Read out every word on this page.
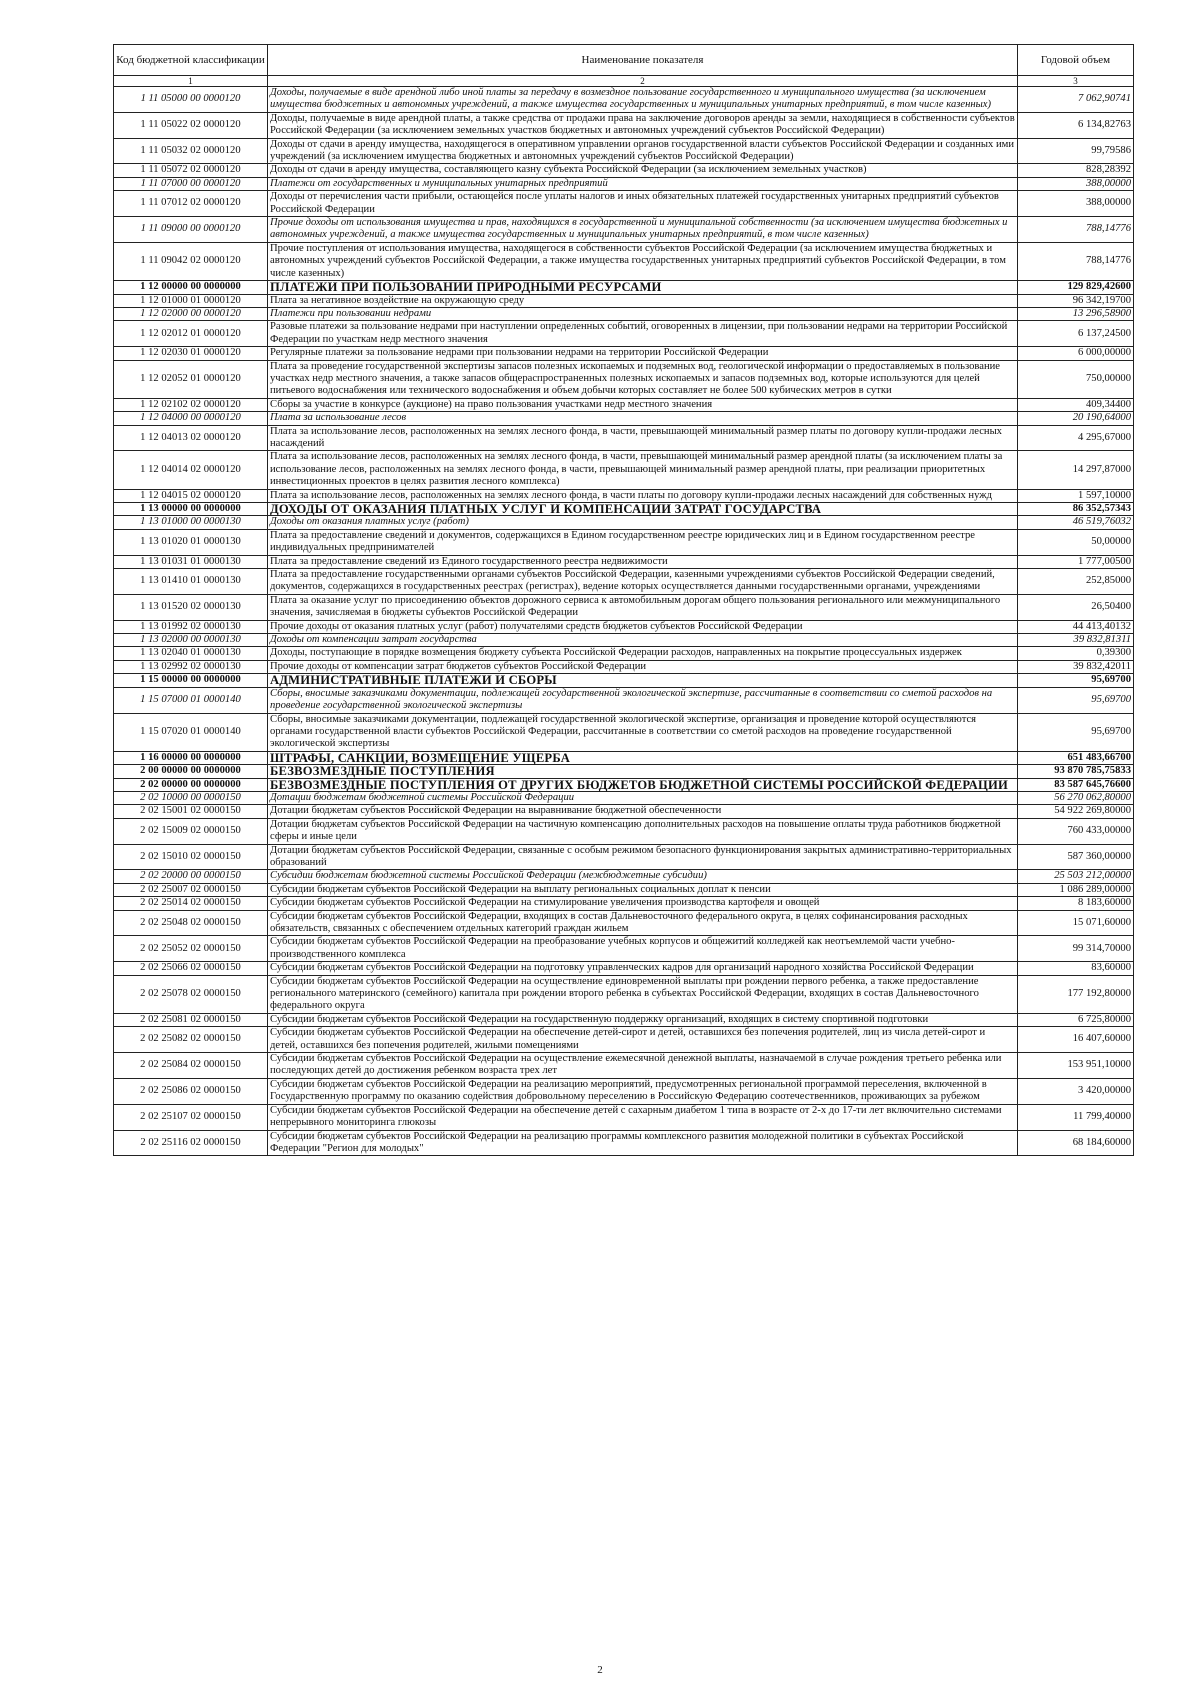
Код бюджетной классификации	Наименование показателя	Годовой объем
1	2	3
1 11 05000 00 0000120	Доходы, получаемые в виде арендной либо иной платы за передачу в возмездное пользование государственного и муниципального имущества (за исключением имущества бюджетных и автономных учреждений, а также имущества государственных и муниципальных унитарных предприятий, в том числе казенных)	7 062,90741
1 11 05022 02 0000120	Доходы, получаемые в виде арендной платы, а также средства от продажи права на заключение договоров аренды за земли, находящиеся в собственности субъектов Российской Федерации (за исключением земельных участков бюджетных и автономных учреждений субъектов Российской Федерации)	6 134,82763
1 11 05032 02 0000120	Доходы от сдачи в аренду имущества, находящегося в оперативном управлении органов государственной власти субъектов Российской Федерации и созданных ими учреждений (за исключением имущества бюджетных и автономных учреждений субъектов Российской Федерации)	99,79586
1 11 05072 02 0000120	Доходы от сдачи в аренду имущества, составляющего казну субъекта Российской Федерации (за исключением земельных участков)	828,28392
1 11 07000 00 0000120	Платежи от государственных и муниципальных унитарных предприятий	388,00000
1 11 07012 02 0000120	Доходы от перечисления части прибыли, остающейся после уплаты налогов и иных обязательных платежей государственных унитарных предприятий субъектов Российской Федерации	388,00000
1 11 09000 00 0000120	Прочие доходы от использования имущества и прав, находящихся в государственной и муниципальной собственности (за исключением имущества бюджетных и автономных учреждений, а также имущества государственных и муниципальных унитарных предприятий, в том числе казенных)	788,14776
1 11 09042 02 0000120	Прочие поступления от использования имущества, находящегося в собственности субъектов Российской Федерации (за исключением имущества бюджетных и автономных учреждений субъектов Российской Федерации, а также имущества государственных унитарных предприятий субъектов Российской Федерации, в том числе казенных)	788,14776
1 12 00000 00 0000000	ПЛАТЕЖИ ПРИ ПОЛЬЗОВАНИИ ПРИРОДНЫМИ РЕСУРСАМИ	129 829,42600
1 12 01000 01 0000120	Плата за негативное воздействие на окружающую среду	96 342,19700
1 12 02000 00 0000120	Платежи при пользовании недрами	13 296,58900
1 12 02012 01 0000120	Разовые платежи за пользование недрами при наступлении определенных событий, оговоренных в лицензии, при пользовании недрами на территории Российской Федерации по участкам недр местного значения	6 137,24500
1 12 02030 01 0000120	Регулярные платежи за пользование недрами при пользовании недрами на территории Российской Федерации	6 000,00000
1 12 02052 01 0000120	Плата за проведение государственной экспертизы запасов полезных ископаемых и подземных вод, геологической информации о предоставляемых в пользование участках недр местного значения, а также запасов общераспространенных полезных ископаемых и запасов подземных вод, которые используются для целей питьевого водоснабжения или технического водоснабжения и объем добычи которых составляет не более 500 кубических метров в сутки	750,00000
1 12 02102 02 0000120	Сборы за участие в конкурсе (аукционе) на право пользования участками недр местного значения	409,34400
1 12 04000 00 0000120	Плата за использование лесов	20 190,64000
1 12 04013 02 0000120	Плата за использование лесов, расположенных на землях лесного фонда, в части, превышающей минимальный размер платы по договору купли-продажи лесных насаждений	4 295,67000
1 12 04014 02 0000120	Плата за использование лесов, расположенных на землях лесного фонда, в части, превышающей минимальный размер арендной платы (за исключением платы за использование лесов, расположенных на землях лесного фонда, в части, превышающей минимальный размер арендной платы, при реализации приоритетных инвестиционных проектов в целях развития лесного комплекса)	14 297,87000
1 12 04015 02 0000120	Плата за использование лесов, расположенных на землях лесного фонда, в части платы по договору купли-продажи лесных насаждений для собственных нужд	1 597,10000
1 13 00000 00 0000000	ДОХОДЫ ОТ ОКАЗАНИЯ ПЛАТНЫХ УСЛУГ И КОМПЕНСАЦИИ ЗАТРАТ ГОСУДАРСТВА	86 352,57343
1 13 01000 00 0000130	Доходы от оказания платных услуг (работ)	46 519,76032
1 13 01020 01 0000130	Плата за предоставление сведений и документов, содержащихся в Едином государственном реестре юридических лиц и в Едином государственном реестре индивидуальных предпринимателей	50,00000
1 13 01031 01 0000130	Плата за предоставление сведений из Единого государственного реестра недвижимости	1 777,00500
1 13 01410 01 0000130	Плата за предоставление государственными органами субъектов Российской Федерации, казенными учреждениями субъектов Российской Федерации сведений, документов, содержащихся в государственных реестрах (регистрах), ведение которых осуществляется данными государственными органами, учреждениями	252,85000
1 13 01520 02 0000130	Плата за оказание услуг по присоединению объектов дорожного сервиса к автомобильным дорогам общего пользования регионального или межмуниципального значения, зачисляемая в бюджеты субъектов Российской Федерации	26,50400
1 13 01992 02 0000130	Прочие доходы от оказания платных услуг (работ) получателями средств бюджетов субъектов Российской Федерации	44 413,40132
1 13 02000 00 0000130	Доходы от компенсации затрат государства	39 832,81311
1 13 02040 01 0000130	Доходы, поступающие в порядке возмещения бюджету субъекта Российской Федерации расходов, направленных на покрытие процессуальных издержек	0,39300
1 13 02992 02 0000130	Прочие доходы от компенсации затрат бюджетов субъектов Российской Федерации	39 832,42011
1 15 00000 00 0000000	АДМИНИСТРАТИВНЫЕ ПЛАТЕЖИ И СБОРЫ	95,69700
1 15 07000 01 0000140	Сборы, вносимые заказчиками документации, подлежащей государственной экологической экспертизе, рассчитанные в соответствии со сметой расходов на проведение государственной экологической экспертизы	95,69700
1 15 07020 01 0000140	Сборы, вносимые заказчиками документации, подлежащей государственной экологической экспертизе, организация и проведение которой осуществляются органами государственной власти субъектов Российской Федерации, рассчитанные в соответствии со сметой расходов на проведение государственной экологической экспертизы	95,69700
1 16 00000 00 0000000	ШТРАФЫ, САНКЦИИ, ВОЗМЕЩЕНИЕ УЩЕРБА	651 483,66700
2 00 00000 00 0000000	БЕЗВОЗМЕЗДНЫЕ ПОСТУПЛЕНИЯ	93 870 785,75833
2 02 00000 00 0000000	БЕЗВОЗМЕЗДНЫЕ ПОСТУПЛЕНИЯ ОТ ДРУГИХ БЮДЖЕТОВ БЮДЖЕТНОЙ СИСТЕМЫ РОССИЙСКОЙ ФЕДЕРАЦИИ	83 587 645,76600
2 02 10000 00 0000150	Дотации бюджетам бюджетной системы Российской Федерации	56 270 062,80000
2 02 15001 02 0000150	Дотации бюджетам субъектов Российской Федерации на выравнивание бюджетной обеспеченности	54 922 269,80000
2 02 15009 02 0000150	Дотации бюджетам субъектов Российской Федерации на частичную компенсацию дополнительных расходов на повышение оплаты труда работников бюджетной сферы и иные цели	760 433,00000
2 02 15010 02 0000150	Дотации бюджетам субъектов Российской Федерации, связанные с особым режимом безопасного функционирования закрытых административно-территориальных образований	587 360,00000
2 02 20000 00 0000150	Субсидии бюджетам бюджетной системы Российской Федерации (межбюджетные субсидии)	25 503 212,00000
2 02 25007 02 0000150	Субсидии бюджетам субъектов Российской Федерации на выплату региональных социальных доплат к пенсии	1 086 289,00000
2 02 25014 02 0000150	Субсидии бюджетам субъектов Российской Федерации на стимулирование увеличения производства картофеля и овощей	8 183,60000
2 02 25048 02 0000150	Субсидии бюджетам субъектов Российской Федерации, входящих в состав Дальневосточного федерального округа, в целях софинансирования расходных обязательств, связанных с обеспечением отдельных категорий граждан жильем	15 071,60000
2 02 25052 02 0000150	Субсидии бюджетам субъектов Российской Федерации на преобразование учебных корпусов и общежитий колледжей как неотъемлемой части учебно-производственного комплекса	99 314,70000
2 02 25066 02 0000150	Субсидии бюджетам субъектов Российской Федерации на подготовку управленческих кадров для организаций народного хозяйства Российской Федерации	83,60000
2 02 25078 02 0000150	Субсидии бюджетам субъектов Российской Федерации на осуществление единовременной выплаты при рождении первого ребенка, а также предоставление регионального материнского (семейного) капитала при рождении второго ребенка в субъектах Российской Федерации, входящих в состав Дальневосточного федерального округа	177 192,80000
2 02 25081 02 0000150	Субсидии бюджетам субъектов Российской Федерации на государственную поддержку организаций, входящих в систему спортивной подготовки	6 725,80000
2 02 25082 02 0000150	Субсидии бюджетам субъектов Российской Федерации на обеспечение детей-сирот и детей, оставшихся без попечения родителей, лиц из числа детей-сирот и детей, оставшихся без попечения родителей, жилыми помещениями	16 407,60000
2 02 25084 02 0000150	Субсидии бюджетам субъектов Российской Федерации на осуществление ежемесячной денежной выплаты, назначаемой в случае рождения третьего ребенка или последующих детей до достижения ребенком возраста трех лет	153 951,10000
2 02 25086 02 0000150	Субсидии бюджетам субъектов Российской Федерации на реализацию мероприятий, предусмотренных региональной программой переселения, включенной в Государственную программу по оказанию содействия добровольному переселению в Российскую Федерацию соотечественников, проживающих за рубежом	3 420,00000
2 02 25107 02 0000150	Субсидии бюджетам субъектов Российской Федерации на обеспечение детей с сахарным диабетом 1 типа в возрасте от 2-х до 17-ти лет включительно системами непрерывного мониторинга глюкозы	11 799,40000
2 02 25116 02 0000150	Субсидии бюджетам субъектов Российской Федерации на реализацию программы комплексного развития молодежной политики в субъектах Российской Федерации "Регион для молодых"	68 184,60000
2
